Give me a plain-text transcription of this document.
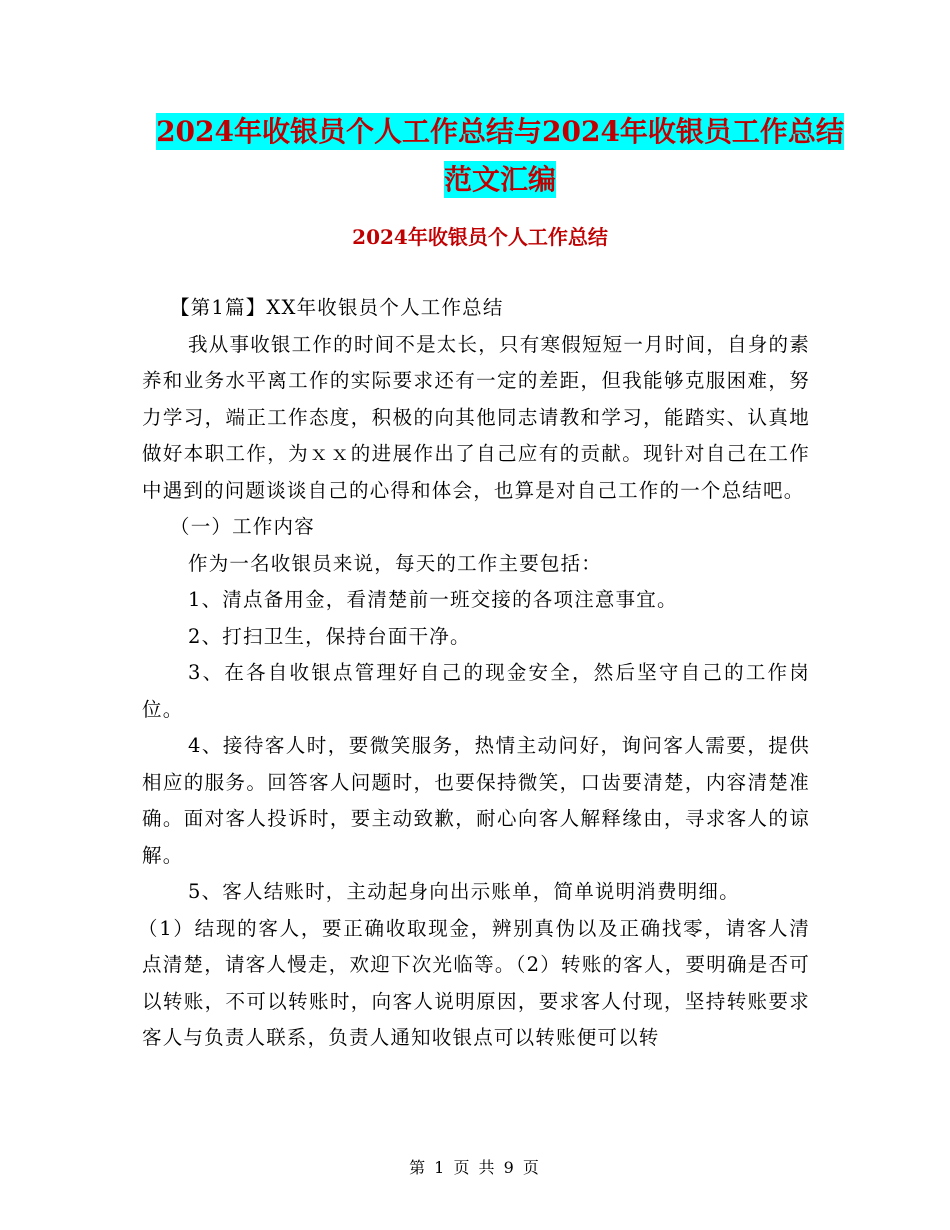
2024年收银员个人工作总结与2024年收银员工作总结
范文汇编
2024年收银员个人工作总结

【第1篇】XX年收银员个人工作总结

我从事收银工作的时间不是太长，只有寒假短短一月时间，自身的素养和业务水平离工作的实际要求还有一定的差距，但我能够克服困难，努力学习，端正工作态度，积极的向其他同志请教和学习，能踏实、认真地做好本职工作，为ｘｘ的进展作出了自己应有的贡献。现针对自己在工作中遇到的问题谈谈自己的心得和体会，也算是对自己工作的一个总结吧。

（一）工作内容

作为一名收银员来说，每天的工作主要包括：

1、清点备用金，看清楚前一班交接的各项注意事宜。

2、打扫卫生，保持台面干净。

3、在各自收银点管理好自己的现金安全，然后坚守自己的工作岗位。

4、接待客人时，要微笑服务，热情主动问好，询问客人需要，提供相应的服务。回答客人问题时，也要保持微笑，口齿要清楚，内容清楚准确。面对客人投诉时，要主动致歉，耐心向客人解释缘由，寻求客人的谅解。

5、客人结账时，主动起身向出示账单，简单说明消费明细。

（1）结现的客人，要正确收取现金，辨别真伪以及正确找零，请客人清点清楚，请客人慢走，欢迎下次光临等。（2）转账的客人，要明确是否可以转账，不可以转账时，向客人说明原因，要求客人付现，坚持转账要求客人与负责人联系，负责人通知收银点可以转账便可以转

第 1 页 共 9 页
